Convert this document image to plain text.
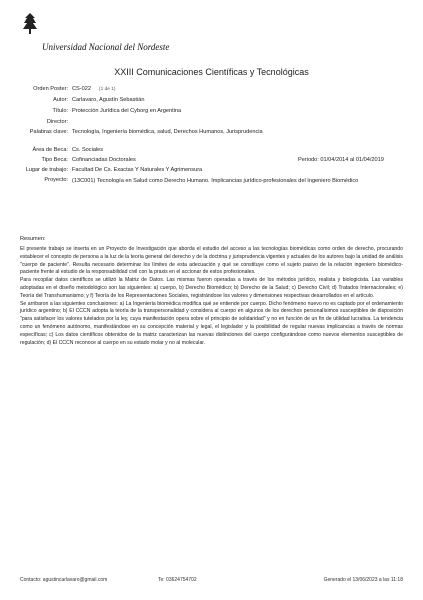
Universidad Nacional del Nordeste
XXIII Comunicaciones Científicas y Tecnológicas
Orden Poster: CS-022 (1 de 1)
Autor: Carlavaro, Agustín Sebastián
Título: Protección Jurídica del Cyborg en Argentina
Director:
Palabras clave: Tecnología, Ingeniería biomédica, salud, Derechos Humanos, Jurisprudencia
Área de Beca: Cs. Sociales
Tipo Beca: Cofinanciadas Doctorales	Periodo: 01/04/2014 al 01/04/2019
Lugar de trabajo: Facultad De Cs. Exactas Y Naturales Y Agrimensura
Proyecto: (13C001) Tecnología en Salud como Derecho Humano. Implicancias jurídico-profesionales del Ingeniero Biomédico
Resumen:

El presente trabajo se inserta en un Proyecto de Investigación que aborda el estudio del acceso a las tecnologías biomédicas como orden de derecho, procurando establecer el concepto de persona a la luz de la teoría general del derecho y de la doctrina y jurisprudencia vigentes y actuales de los autores bajo la unidad de análisis "cuerpo de paciente". Resulta necesario determinar los límites de esta adecuación y qué se constituye como el sujeto pasivo de la relación ingeniero biomédico-paciente frente al estudio de la responsabilidad civil con la praxis en el accionar de estos profesionales.

Para recopilar datos científicos se utilizó la Matriz de Datos. Las mismas fueron operadas a través de los métodos jurídico, realista y biologicista. Las variables adoptadas en el diseño metodológico son las siguientes: a) cuerpo, b) Derecho Biomédico; b) Derecho de la Salud; c) Derecho Civil; d) Tratados Internacionales; e) Teoría del Transhumanismo; y f) Teoría de los Representaciones Sociales, registrándose los valores y dimensiones respectivas desarrollados en el artículo.

Se arribaron a las siguientes conclusiones: a) La Ingeniería biomédica modifica qué se entiende por cuerpo. Dicho fenómeno nuevo no es captado por el ordenamiento jurídico argentino; b) El CCCN adopta la teoría de la transpersonalidad y considera al cuerpo en algunos de los derechos personalísimos susceptibles de disposición "para satisfacer los valores tutelados por la ley, cuya manifestación opera sobre el principio de solidaridad" y no en función de un fin de utilidad lucrativa. La tendencia como un fenómeno autónomo, manifestándose en su concepción material y legal, el legislador y la posibilidad de regular nuevas implicancias a través de normas específicas; c) Los datos científicos obtenidos de la matriz caracterizan las nuevas distinciones del cuerpo configurándose como nuevos elementos susceptibles de regulación; d) El CCCN reconoce al cuerpo en su estado molar y no al molecular.

Contacto: agustincarlavaro@gmail.com	Te: 03624754702	Generado el 13/06/2023 a las 11:18
